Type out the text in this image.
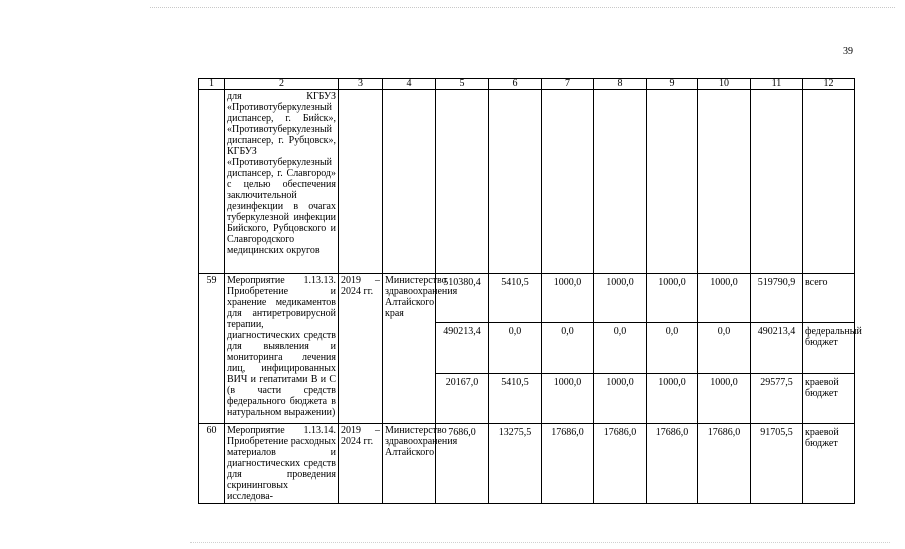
39
1	2	3	4	5	6	7	8	9	10	11	12
	для КГБУЗ «Противотуберкулезный диспансер, г. Бийск», «Противотуберкулезный диспансер, г. Рубцовск», КГБУЗ «Противотуберкулезный диспансер, г. Славгород» с целью обеспечения заключительной дезинфекции в очагах туберкулезной инфекции Бийского, Рубцовского и Славгородского медицинских округов										
59	Мероприятие 1.13.13. Приобретение и хранение медикаментов для антиретровирусной терапии, диагностических средств для выявления и мониторинга лечения лиц, инфицированных ВИЧ и гепатитами В и С (в части средств федерального бюджета в натуральном выражении)	2019 – 2024 гг.	Министерство здравоохранения Алтайского края	510380,4	5410,5	1000,0	1000,0	1000,0	1000,0	519790,9	всего
				490213,4	0,0	0,0	0,0	0,0	0,0	490213,4	федеральный бюджет
				20167,0	5410,5	1000,0	1000,0	1000,0	1000,0	29577,5	краевой бюджет
60	Мероприятие 1.13.14. Приобретение расходных материалов и диагностических средств для проведения скрининговых исследова-	2019 – 2024 гг.	Министерство здравоохранения Алтайского	7686,0	13275,5	17686,0	17686,0	17686,0	17686,0	91705,5	краевой бюджет
